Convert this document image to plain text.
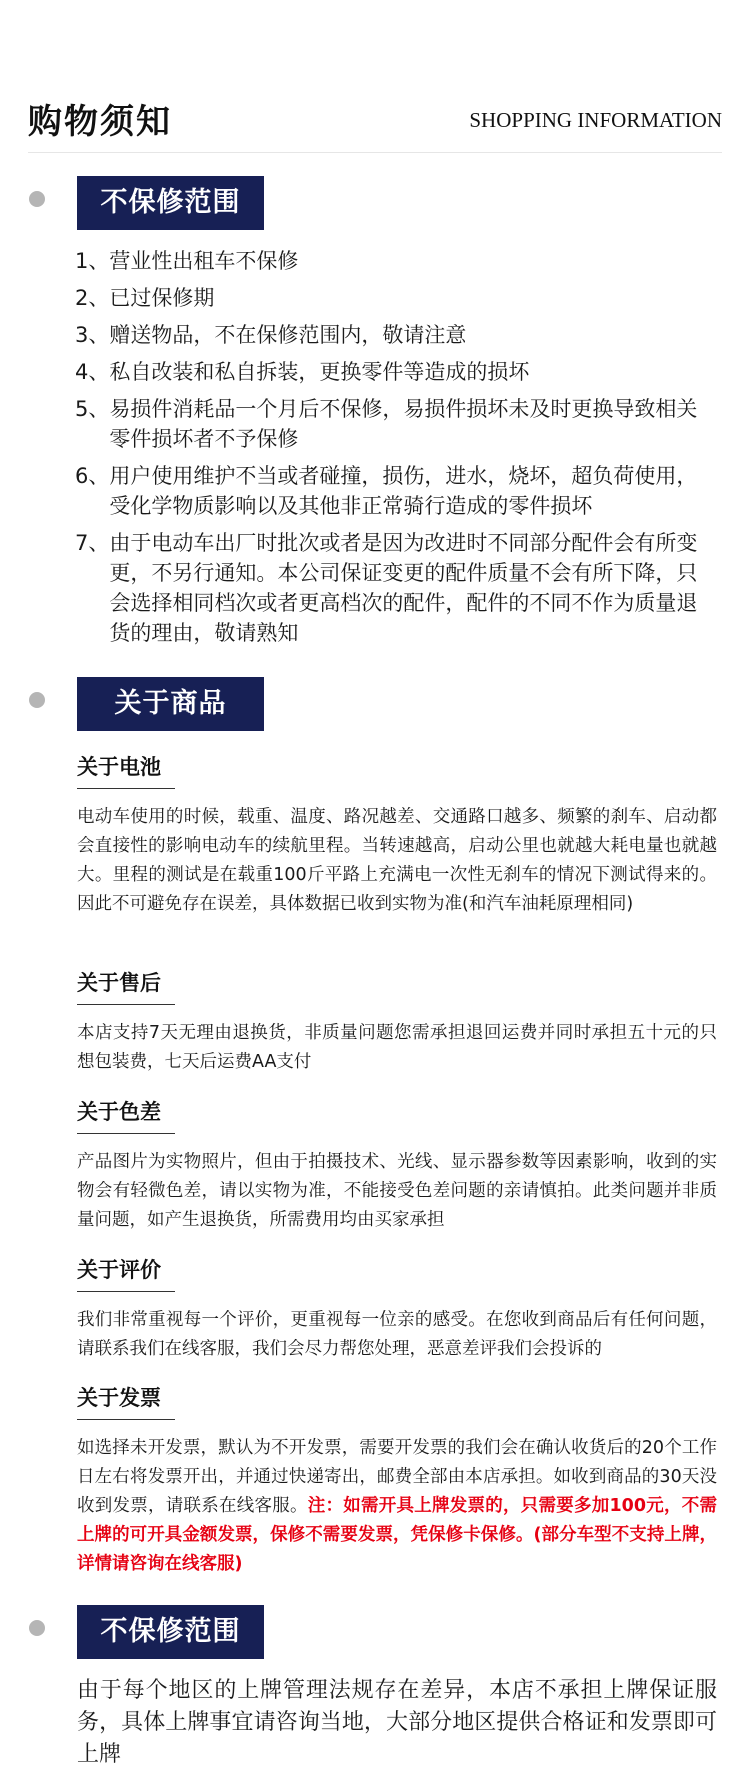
购物须知	SHOPPING INFORMATION
不保修范围
1、 营业性出租车不保修
2、 已过保修期
3、 赠送物品，不在保修范围内，敬请注意
4、 私自改装和私自拆装，更换零件等造成的损坏
5、 易损件消耗品一个月后不保修，易损件损坏未及时更换导致相关零件损坏者不予保修
6、 用户使用维护不当或者碰撞，损伤，进水，烧坏，超负荷使用，受化学物质影响以及其他非正常骑行造成的零件损坏
7、 由于电动车出厂时批次或者是因为改进时不同部分配件会有所变更，不另行通知。本公司保证变更的配件质量不会有所下降，只会选择相同档次或者更高档次的配件，配件的不同不作为质量退货的理由，敬请熟知
关于商品
关于电池
电动车使用的时候，载重、温度、路况越差、交通路口越多、频繁的刹车、启动都会直接性的影响电动车的续航里程。当转速越高，启动公里也就越大耗电量也就越大。里程的测试是在载重100斤平路上充满电一次性无刹车的情况下测试得来的。因此不可避免存在误差，具体数据已收到实物为准(和汽车油耗原理相同)
关于售后
本店支持7天无理由退换货，非质量问题您需承担退回运费并同时承担五十元的只想包装费，七天后运费AA支付
关于色差
产品图片为实物照片，但由于拍摄技术、光线、显示器参数等因素影响，收到的实物会有轻微色差，请以实物为准，不能接受色差问题的亲请慎拍。此类问题并非质量问题，如产生退换货，所需费用均由买家承担
关于评价
我们非常重视每一个评价，更重视每一位亲的感受。在您收到商品后有任何问题，请联系我们在线客服，我们会尽力帮您处理，恶意差评我们会投诉的
关于发票
如选择未开发票，默认为不开发票，需要开发票的我们会在确认收货后的20个工作日左右将发票开出，并通过快递寄出，邮费全部由本店承担。如收到商品的30天没收到发票，请联系在线客服。注：如需开具上牌发票的，只需要多加100元，不需上牌的可开具金额发票，保修不需要发票，凭保修卡保修。(部分车型不支持上牌，详情请咨询在线客服)
不保修范围
由于每个地区的上牌管理法规存在差异，本店不承担上牌保证服务，具体上牌事宜请咨询当地，大部分地区提供合格证和发票即可上牌
